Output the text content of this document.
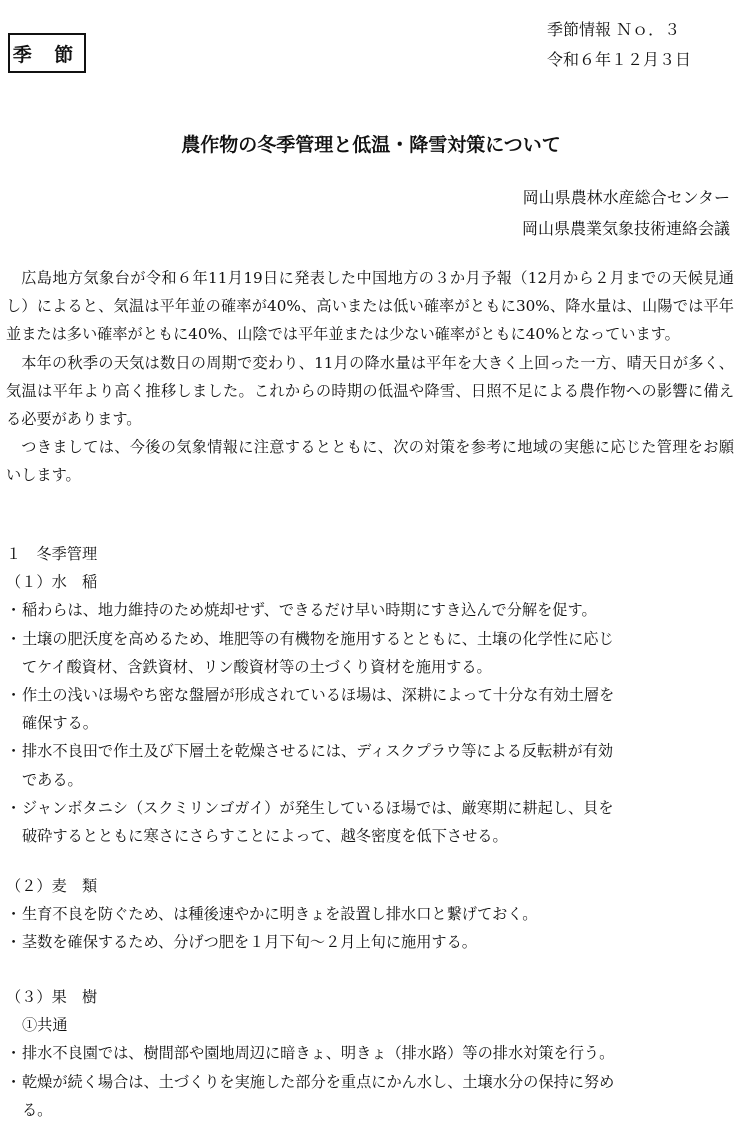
季 節
季節情報 Ｎｏ．３
令和６年１２月３日
農作物の冬季管理と低温・降雪対策について
岡山県農林水産総合センター
岡山県農業気象技術連絡会議

広島地方気象台が令和６年11月19日に発表した中国地方の３か月予報（12月から２月までの天候見通し）によると、気温は平年並の確率が40%、高いまたは低い確率がともに30%、降水量は、山陽では平年並または多い確率がともに40%、山陰では平年並または少ない確率がともに40%となっています。

本年の秋季の天気は数日の周期で変わり、11月の降水量は平年を大きく上回った一方、晴天日が多く、気温は平年より高く推移しました。これからの時期の低温や降雪、日照不足による農作物への影響に備える必要があります。

つきましては、今後の気象情報に注意するとともに、次の対策を参考に地域の実態に応じた管理をお願いします。

１　冬季管理
（１）水　稲
・ 稲わらは、地力維持のため焼却せず、できるだけ早い時期にすき込んで分解を促す。
・ 土壌の肥沃度を高めるため、堆肥等の有機物を施用するとともに、土壌の化学性に応じ
てケイ酸資材、含鉄資材、リン酸資材等の土づくり資材を施用する。
・ 作土の浅いほ場やち密な盤層が形成されているほ場は、深耕によって十分な有効土層を
確保する。
・ 排水不良田で作土及び下層土を乾燥させるには、ディスクプラウ等による反転耕が有効
である。
・ ジャンボタニシ（スクミリンゴガイ）が発生しているほ場では、厳寒期に耕起し、貝を
破砕するとともに寒さにさらすことによって、越冬密度を低下させる。
（２）麦　類
・ 生育不良を防ぐため、は種後速やかに明きょを設置し排水口と繋げておく。
・ 茎数を確保するため、分げつ肥を１月下旬～２月上旬に施用する。
（３）果　樹
①共通
・ 排水不良園では、樹間部や園地周辺に暗きょ、明きょ（排水路）等の排水対策を行う。
・ 乾燥が続く場合は、土づくりを実施した部分を重点にかん水し、土壌水分の保持に努め
る。
